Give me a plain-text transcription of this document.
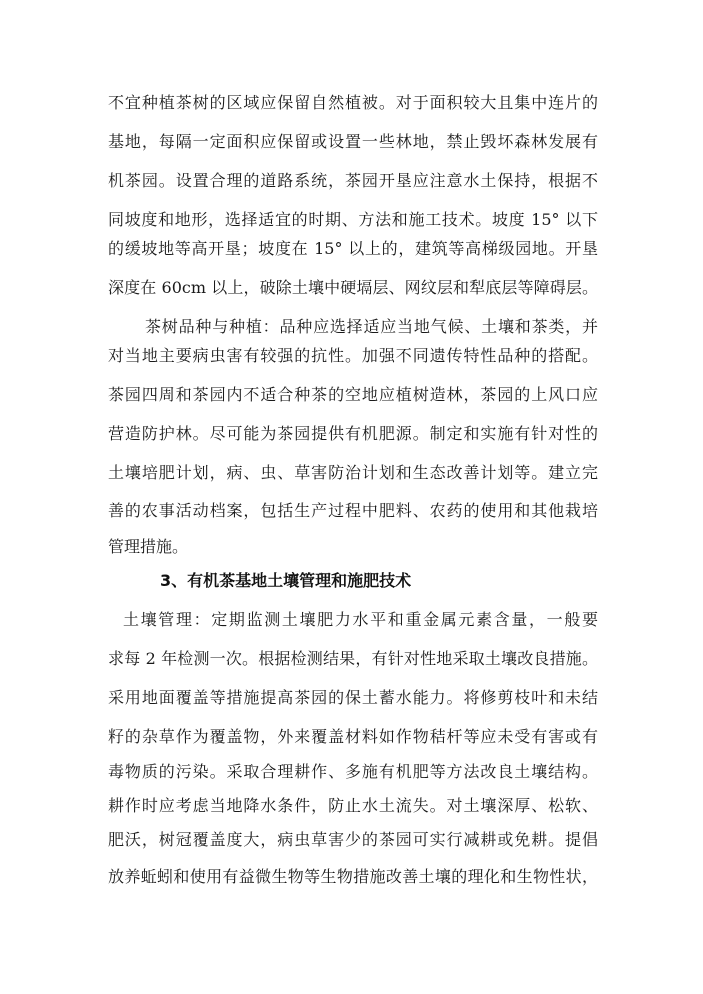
不宜种植茶树的区域应保留自然植被。对于面积较大且集中连片的
基地，每隔一定面积应保留或设置一些林地，禁止毁坏森林发展有
机茶园。设置合理的道路系统，茶园开垦应注意水土保持，根据不
同坡度和地形，选择适宜的时期、方法和施工技术。坡度 15° 以下
的缓坡地等高开垦；坡度在 15° 以上的，建筑等高梯级园地。开垦
深度在 60cm 以上，破除土壤中硬塥层、网纹层和犁底层等障碍层。
茶树品种与种植：品种应选择适应当地气候、土壤和茶类，并
对当地主要病虫害有较强的抗性。加强不同遗传特性品种的搭配。
茶园四周和茶园内不适合种茶的空地应植树造林，茶园的上风口应
营造防护林。尽可能为茶园提供有机肥源。制定和实施有针对性的
土壤培肥计划，病、虫、草害防治计划和生态改善计划等。建立完
善的农事活动档案，包括生产过程中肥料、农药的使用和其他栽培
管理措施。
3、有机茶基地土壤管理和施肥技术
土壤管理：定期监测土壤肥力水平和重金属元素含量，一般要
求每 2 年检测一次。根据检测结果，有针对性地采取土壤改良措施。
采用地面覆盖等措施提高茶园的保土蓄水能力。将修剪枝叶和未结
籽的杂草作为覆盖物，外来覆盖材料如作物秸杆等应未受有害或有
毒物质的污染。采取合理耕作、多施有机肥等方法改良土壤结构。
耕作时应考虑当地降水条件，防止水土流失。对土壤深厚、松软、
肥沃，树冠覆盖度大，病虫草害少的茶园可实行减耕或免耕。提倡
放养蚯蚓和使用有益微生物等生物措施改善土壤的理化和生物性状，
